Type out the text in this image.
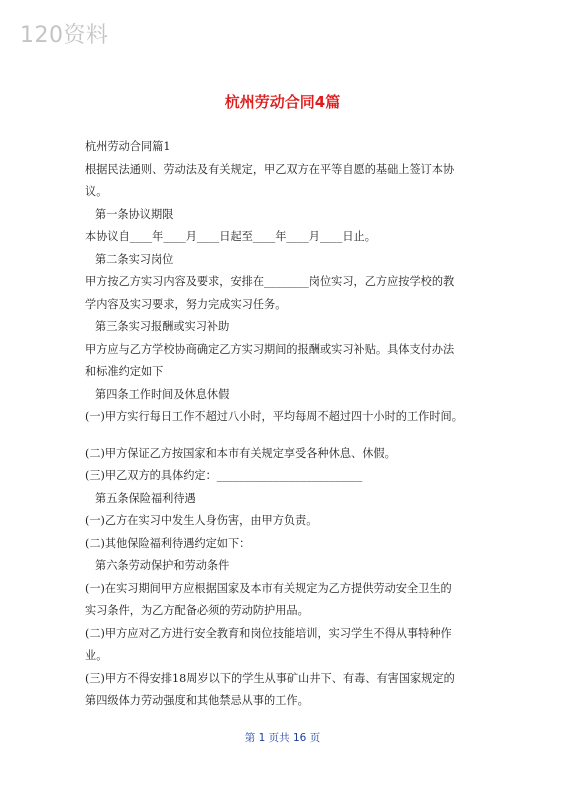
120资料
杭州劳动合同4篇

杭州劳动合同篇1

根据民法通则、劳动法及有关规定，甲乙双方在平等自愿的基础上签订本协

议。

第一条协议期限

本协议自____年____月____日起至____年____月____日止。

第二条实习岗位

甲方按乙方实习内容及要求，安排在________岗位实习，乙方应按学校的教

学内容及实习要求，努力完成实习任务。

第三条实习报酬或实习补助

甲方应与乙方学校协商确定乙方实习期间的报酬或实习补贴。具体支付办法

和标准约定如下

第四条工作时间及休息休假

(一)甲方实行每日工作不超过八小时，平均每周不超过四十小时的工作时间。

(二)甲方保证乙方按国家和本市有关规定享受各种休息、休假。

(三)甲乙双方的具体约定：__________________________

第五条保险福利待遇

(一)乙方在实习中发生人身伤害，由甲方负责。

(二)其他保险福利待遇约定如下：

第六条劳动保护和劳动条件

(一)在实习期间甲方应根据国家及本市有关规定为乙方提供劳动安全卫生的

实习条件，为乙方配备必须的劳动防护用品。

(二)甲方应对乙方进行安全教育和岗位技能培训，实习学生不得从事特种作

业。

(三)甲方不得安排18周岁以下的学生从事矿山井下、有毒、有害国家规定的

第四级体力劳动强度和其他禁忌从事的工作。

第 1 页共 16 页
